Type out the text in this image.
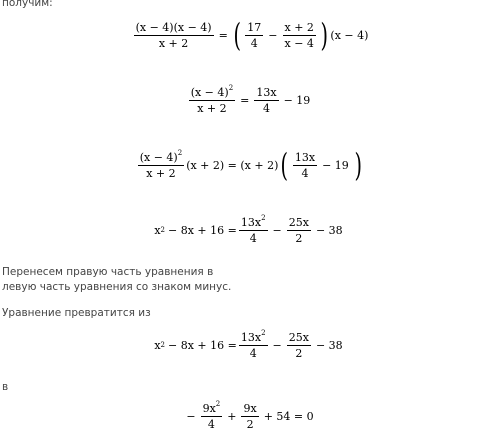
получим:
$\frac{(x - 4)(x - 4)}{x + 2}$ = ( $\frac{17}{4} - \frac{x + 2}{x - 4}$ ) (x − 4)
$\frac{(x - 4)^2}{x + 2} = \frac{13x}{4} - 19$
$\frac{(x - 4)^2}{x + 2} (x + 2) = (x + 2)$ ( $\frac{13x}{4} - 19$ )
x $2 - 8x + 16 = \frac{13x^2}{4} - \frac{25x}{2} - 38$
Перенесем правую часть уравнения в
левую часть уравнения со знаком минус.
Уравнение превратится из
x $2 - 8x + 16 = \frac{13x^2}{4} - \frac{25x}{2} - 38$
в
− $\frac{9x^2}{4} + \frac{9x}{2} + 54 = 0$
